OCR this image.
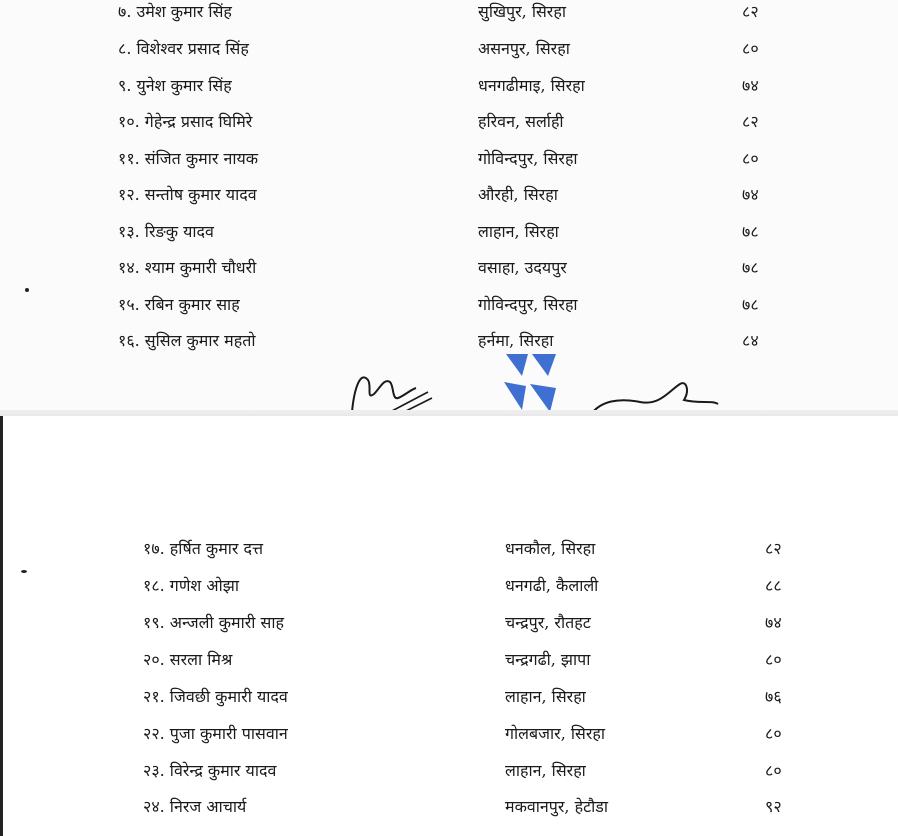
७. उमेश कुमार सिंह	सुखिपुर, सिरहा	८२
८. विशेश्वर प्रसाद सिंह	असनपुर, सिरहा	८०
९. युनेश कुमार सिंह	धनगढीमाइ, सिरहा	७४
१०. गेहेन्द्र प्रसाद घिमिरे	हरिवन, सर्लाही	८२
११. संजित कुमार नायक	गोविन्दपुर, सिरहा	८०
१२. सन्तोष कुमार यादव	औरही, सिरहा	७४
१३. रिङकु यादव	लाहान, सिरहा	७८
१४. श्याम कुमारी चौधरी	वसाहा, उदयपुर	७८
१५. रबिन कुमार साह	गोविन्दपुर, सिरहा	७८
१६. सुसिल कुमार महतो	हर्नमा, सिरहा	८४
१७. हर्षित कुमार दत्त	धनकौल, सिरहा	८२
१८. गणेश ओझा	धनगढी, कैलाली	८८
१९. अन्जली कुमारी साह	चन्द्रपुर, रौतहट	७४
२०. सरला मिश्र	चन्द्रगढी, झापा	८०
२१. जिवछी कुमारी यादव	लाहान, सिरहा	७६
२२. पुजा कुमारी पासवान	गोलबजार, सिरहा	८०
२३. विरेन्द्र कुमार यादव	लाहान, सिरहा	८०
२४. निरज आचार्य	मकवानपुर, हेटौडा	९२
